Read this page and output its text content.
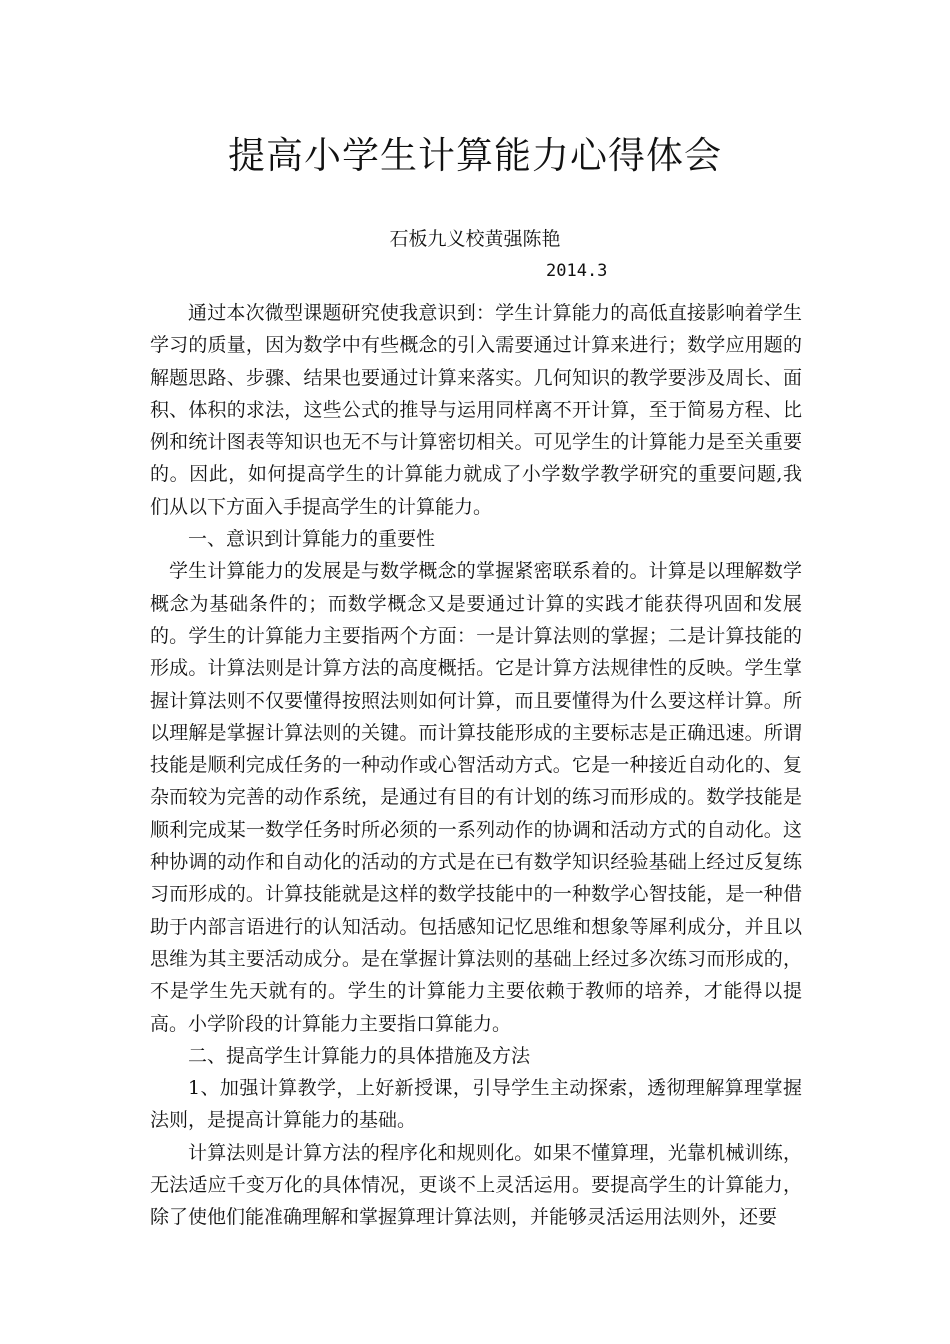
提高小学生计算能力心得体会
石板九义校黄强陈艳
2014.3

通过本次微型课题研究使我意识到：学生计算能力的高低直接影响着学生学习的质量，因为数学中有些概念的引入需要通过计算来进行；数学应用题的解题思路、步骤、结果也要通过计算来落实。几何知识的教学要涉及周长、面积、体积的求法，这些公式的推导与运用同样离不开计算，至于简易方程、比例和统计图表等知识也无不与计算密切相关。可见学生的计算能力是至关重要的。因此，如何提高学生的计算能力就成了小学数学教学研究的重要问题,我们从以下方面入手提高学生的计算能力。

一、意识到计算能力的重要性

学生计算能力的发展是与数学概念的掌握紧密联系着的。计算是以理解数学概念为基础条件的；而数学概念又是要通过计算的实践才能获得巩固和发展的。学生的计算能力主要指两个方面：一是计算法则的掌握；二是计算技能的形成。计算法则是计算方法的高度概括。它是计算方法规律性的反映。学生掌握计算法则不仅要懂得按照法则如何计算，而且要懂得为什么要这样计算。所以理解是掌握计算法则的关键。而计算技能形成的主要标志是正确迅速。所谓技能是顺利完成任务的一种动作或心智活动方式。它是一种接近自动化的、复杂而较为完善的动作系统，是通过有目的有计划的练习而形成的。数学技能是顺利完成某一数学任务时所必须的一系列动作的协调和活动方式的自动化。这种协调的动作和自动化的活动的方式是在已有数学知识经验基础上经过反复练习而形成的。计算技能就是这样的数学技能中的一种数学心智技能，是一种借助于内部言语进行的认知活动。包括感知记忆思维和想象等犀利成分，并且以思维为其主要活动成分。是在掌握计算法则的基础上经过多次练习而形成的，不是学生先天就有的。学生的计算能力主要依赖于教师的培养，才能得以提高。小学阶段的计算能力主要指口算能力。

二、提高学生计算能力的具体措施及方法

1、加强计算教学，上好新授课，引导学生主动探索，透彻理解算理掌握法则，是提高计算能力的基础。

计算法则是计算方法的程序化和规则化。如果不懂算理，光靠机械训练，无法适应千变万化的具体情况，更谈不上灵活运用。要提高学生的计算能力，除了使他们能准确理解和掌握算理计算法则，并能够灵活运用法则外，还要
